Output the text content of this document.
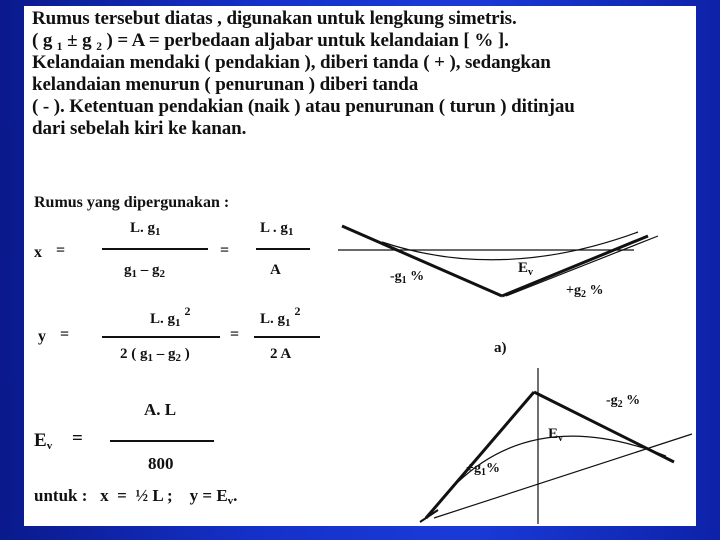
Rumus tersebut diatas , digunakan untuk lengkung simetris.
( g ₁ ± g ₂ ) = A = perbedaan aljabar untuk kelandaian [ % ].
Kelandaian mendaki ( pendakian ), diberi tanda ( + ), sedangkan
kelandaian menurun ( penurunan ) diberi tanda
( - ). Ketentuan pendakian (naik ) atau penurunan ( turun ) ditinjau
dari sebelah kiri ke kanan.
Rumus yang dipergunakan :
x =
L. $g_1$
$g_1 - g_2$
=
L . $g_1$
A
y =
L. $g_1^2$
2 ( $g_1 - g_2$ )
=
L. $g_1^2$
2 A
$E_v$ =
A. L
800
untuk :   x  =  ½ L ;    $y = E_v$.
$-g_1$ %
$E_v$
$+g_2$ %
a)
$+g_1\%$
$E_v$
$-g_2$ %
